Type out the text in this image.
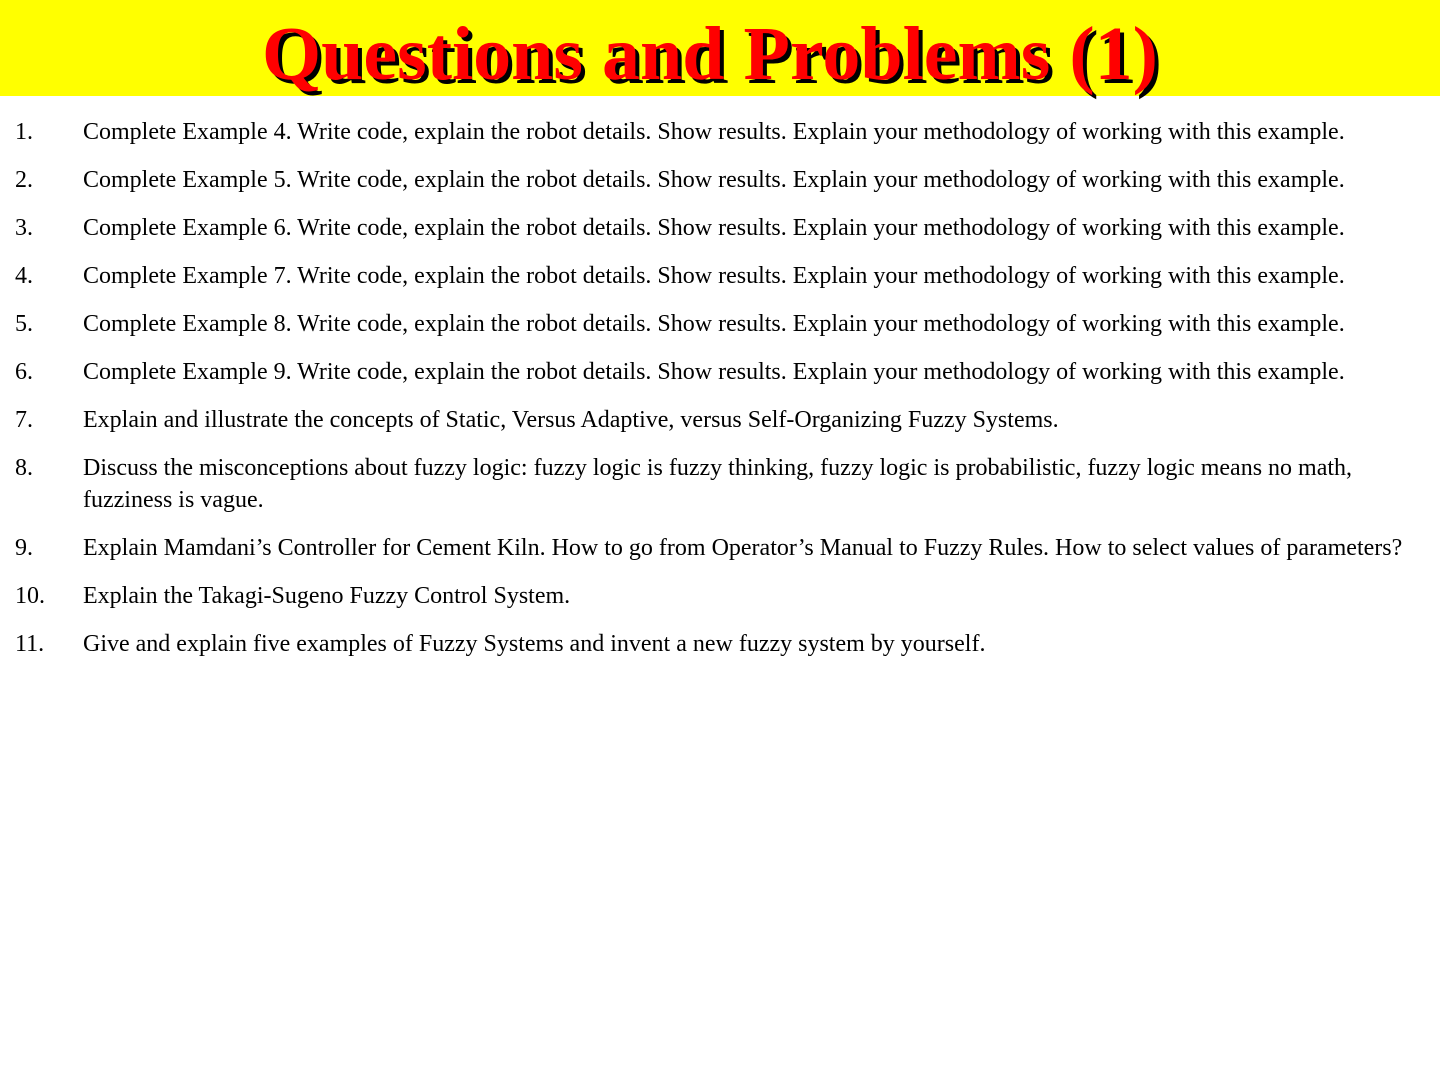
Questions and Problems (1)
1.	Complete Example 4. Write code, explain the robot details. Show results. Explain your methodology of working with this example.
2.	Complete Example 5. Write code, explain the robot details. Show results. Explain your methodology of working with this example.
3.	Complete Example 6. Write code, explain the robot details. Show results. Explain your methodology of working with this example.
4.	Complete Example 7. Write code, explain the robot details. Show results. Explain your methodology of working with this example.
5.	Complete Example 8. Write code, explain the robot details. Show results. Explain your methodology of working with this example.
6.	Complete Example 9. Write code, explain the robot details. Show results. Explain your methodology of working with this example.
7.	Explain and illustrate the concepts of Static, Versus Adaptive, versus Self-Organizing Fuzzy Systems.
8.	Discuss the misconceptions about fuzzy logic: fuzzy logic is fuzzy thinking, fuzzy logic is probabilistic, fuzzy logic means no math, fuzziness is vague.
9.	Explain Mamdani’s Controller for Cement Kiln. How to go from Operator’s Manual to Fuzzy Rules. How to select values of parameters?
10.	Explain the Takagi-Sugeno Fuzzy Control System.
11.	Give and explain five examples of Fuzzy Systems and invent a new fuzzy system by yourself.
